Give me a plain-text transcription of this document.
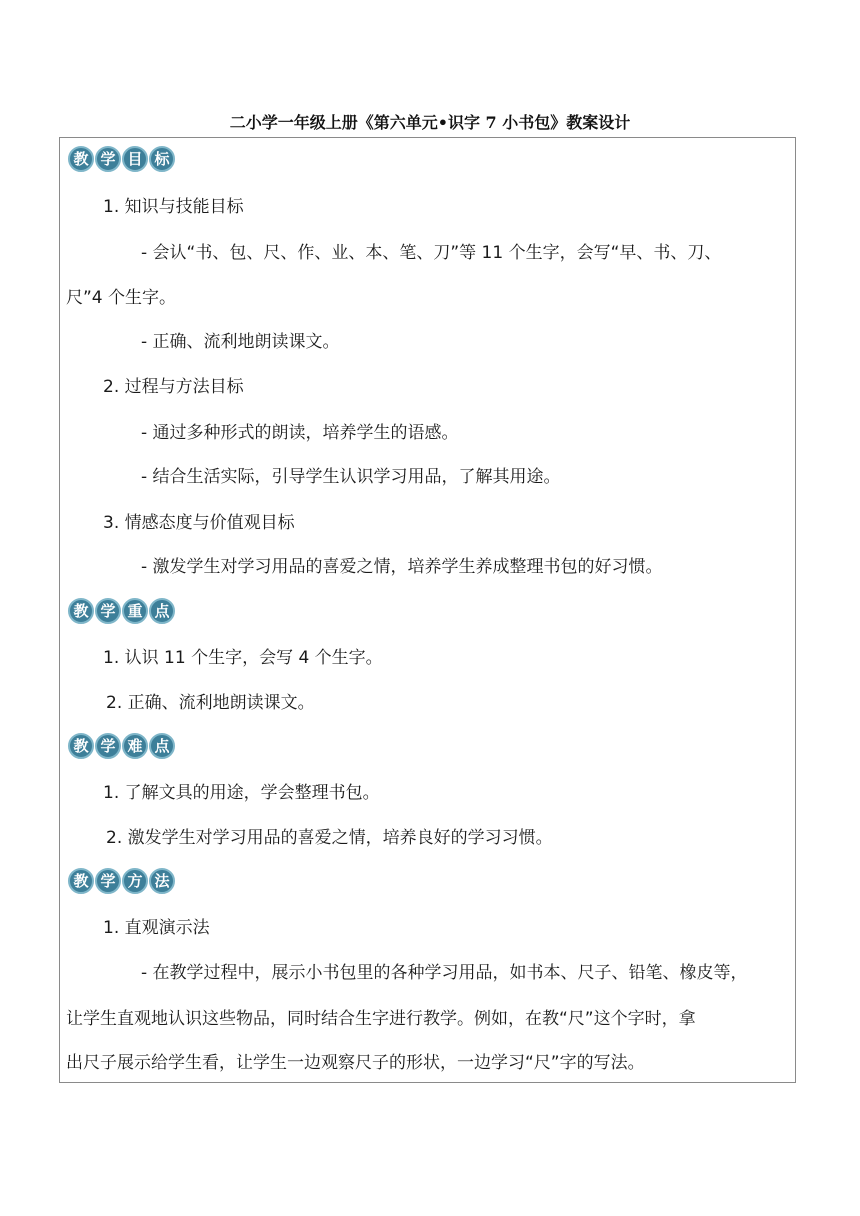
二小学一年级上册《第六单元•识字 7 小书包》教案设计
教 学 目 标
1. 知识与技能目标
- 会认“书、包、尺、作、业、本、笔、刀”等 11 个生字，会写“早、书、刀、
尺”4 个生字。
- 正确、流利地朗读课文。
2. 过程与方法目标
- 通过多种形式的朗读，培养学生的语感。
- 结合生活实际，引导学生认识学习用品，了解其用途。
3. 情感态度与价值观目标
- 激发学生对学习用品的喜爱之情，培养学生养成整理书包的好习惯。
教 学 重 点
1. 认识 11 个生字，会写 4 个生字。
2. 正确、流利地朗读课文。
教 学 难 点
1. 了解文具的用途，学会整理书包。
2. 激发学生对学习用品的喜爱之情，培养良好的学习习惯。
教 学 方 法
1. 直观演示法
- 在教学过程中，展示小书包里的各种学习用品，如书本、尺子、铅笔、橡皮等，
让学生直观地认识这些物品，同时结合生字进行教学。例如，在教“尺”这个字时，拿
出尺子展示给学生看，让学生一边观察尺子的形状，一边学习“尺”字的写法。
